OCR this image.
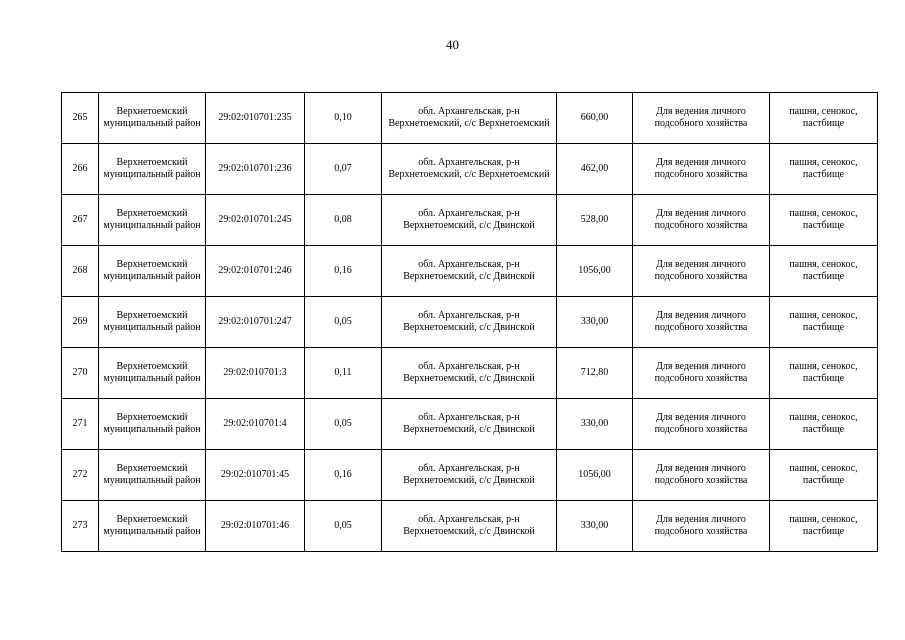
40
265	Верхнетоемский муниципальный район	29:02:010701:235	0,10	обл. Архангельская, р-н Верхнетоемский, с/с Верхнетоемский	660,00	Для ведения личного подсобного хозяйства	пашня, сенокос, пастбище
266	Верхнетоемский муниципальный район	29:02:010701:236	0,07	обл. Архангельская, р-н Верхнетоемский, с/с Верхнетоемский	462,00	Для ведения личного подсобного хозяйства	пашня, сенокос, пастбище
267	Верхнетоемский муниципальный район	29:02:010701:245	0,08	обл. Архангельская, р-н Верхнетоемский, с/с Двинской	528,00	Для ведения личного подсобного хозяйства	пашня, сенокос, пастбище
268	Верхнетоемский муниципальный район	29:02:010701:246	0,16	обл. Архангельская, р-н Верхнетоемский, с/с Двинской	1056,00	Для ведения личного подсобного хозяйства	пашня, сенокос, пастбище
269	Верхнетоемский муниципальный район	29:02:010701:247	0,05	обл. Архангельская, р-н Верхнетоемский, с/с Двинской	330,00	Для ведения личного подсобного хозяйства	пашня, сенокос, пастбище
270	Верхнетоемский муниципальный район	29:02:010701:3	0,11	обл. Архангельская, р-н Верхнетоемский, с/с Двинской	712,80	Для ведения личного подсобного хозяйства	пашня, сенокос, пастбище
271	Верхнетоемский муниципальный район	29:02:010701:4	0,05	обл. Архангельская, р-н Верхнетоемский, с/с Двинской	330,00	Для ведения личного подсобного хозяйства	пашня, сенокос, пастбище
272	Верхнетоемский муниципальный район	29:02:010701:45	0,16	обл. Архангельская, р-н Верхнетоемский, с/с Двинской	1056,00	Для ведения личного подсобного хозяйства	пашня, сенокос, пастбище
273	Верхнетоемский муниципальный район	29:02:010701:46	0,05	обл. Архангельская, р-н Верхнетоемский, с/с Двинской	330,00	Для ведения личного подсобного хозяйства	пашня, сенокос, пастбище
